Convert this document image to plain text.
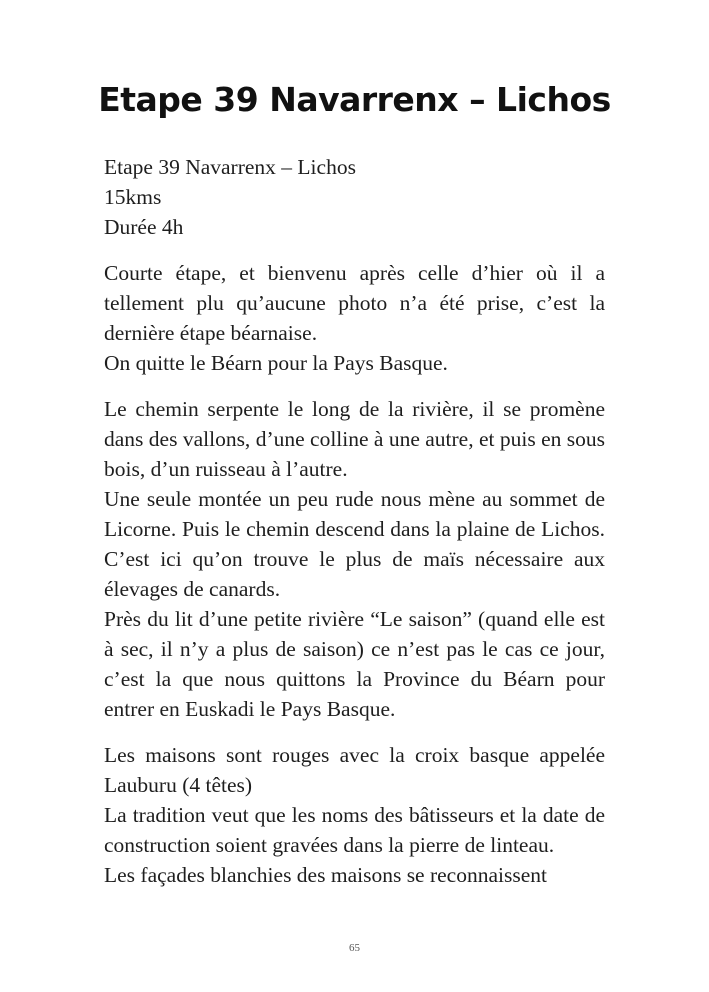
Etape 39 Navarrenx – Lichos

Etape 39 Navarrenx – Lichos

15kms

Durée 4h

Courte étape, et bienvenu après celle d’hier où il a tellement plu qu’aucune photo n’a été prise, c’est la dernière étape béarnaise.
On quitte le Béarn pour la Pays Basque.
Le chemin serpente le long de la rivière, il se promène dans des vallons, d’une colline à une autre, et puis en sous bois, d’un ruisseau à l’autre.
Une seule montée un peu rude nous mène au sommet de Licorne. Puis le chemin descend dans la plaine de Lichos. C’est ici qu’on trouve le plus de maïs nécessaire aux élevages de canards.
Près du lit d’une petite rivière “Le saison” (quand elle est à sec, il n’y a plus de saison) ce n’est pas le cas ce jour, c’est la que nous quittons la Province du Béarn pour entrer en Euskadi le Pays Basque.
Les maisons sont rouges avec la croix basque appelée Lauburu (4 têtes)
La tradition veut que les noms des bâtisseurs et la date de construction soient gravées dans la pierre de linteau.
Les façades blanchies des maisons se reconnaissent
65
